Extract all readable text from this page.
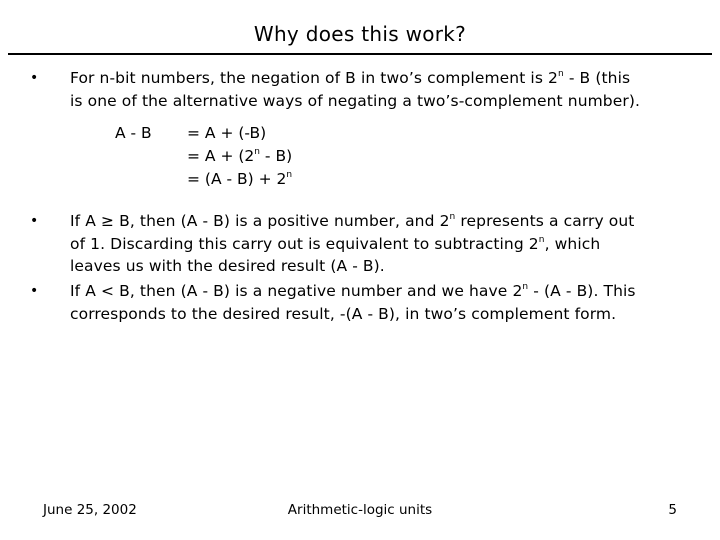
Why does this work?
• For n-bit numbers, the negation of B in two’s complement is 2$^n$ - B (this
is one of the alternative ways of negating a two’s-complement number).
A - B = A + (-B)
= $A + (2^n - B)$
= $(A - B) + 2^n$
• If A ≥ B, then (A - B) is a positive number, and 2$^n$ represents a carry out
of 1. Discarding this carry out is equivalent to subtracting 2$^n$, which
leaves us with the desired result (A - B).
• If A < B, then (A - B) is a negative number and we have 2$^n$ - (A - B). This
corresponds to the desired result, -(A - B), in two’s complement form.
June 25, 2002	Arithmetic-logic units	5
